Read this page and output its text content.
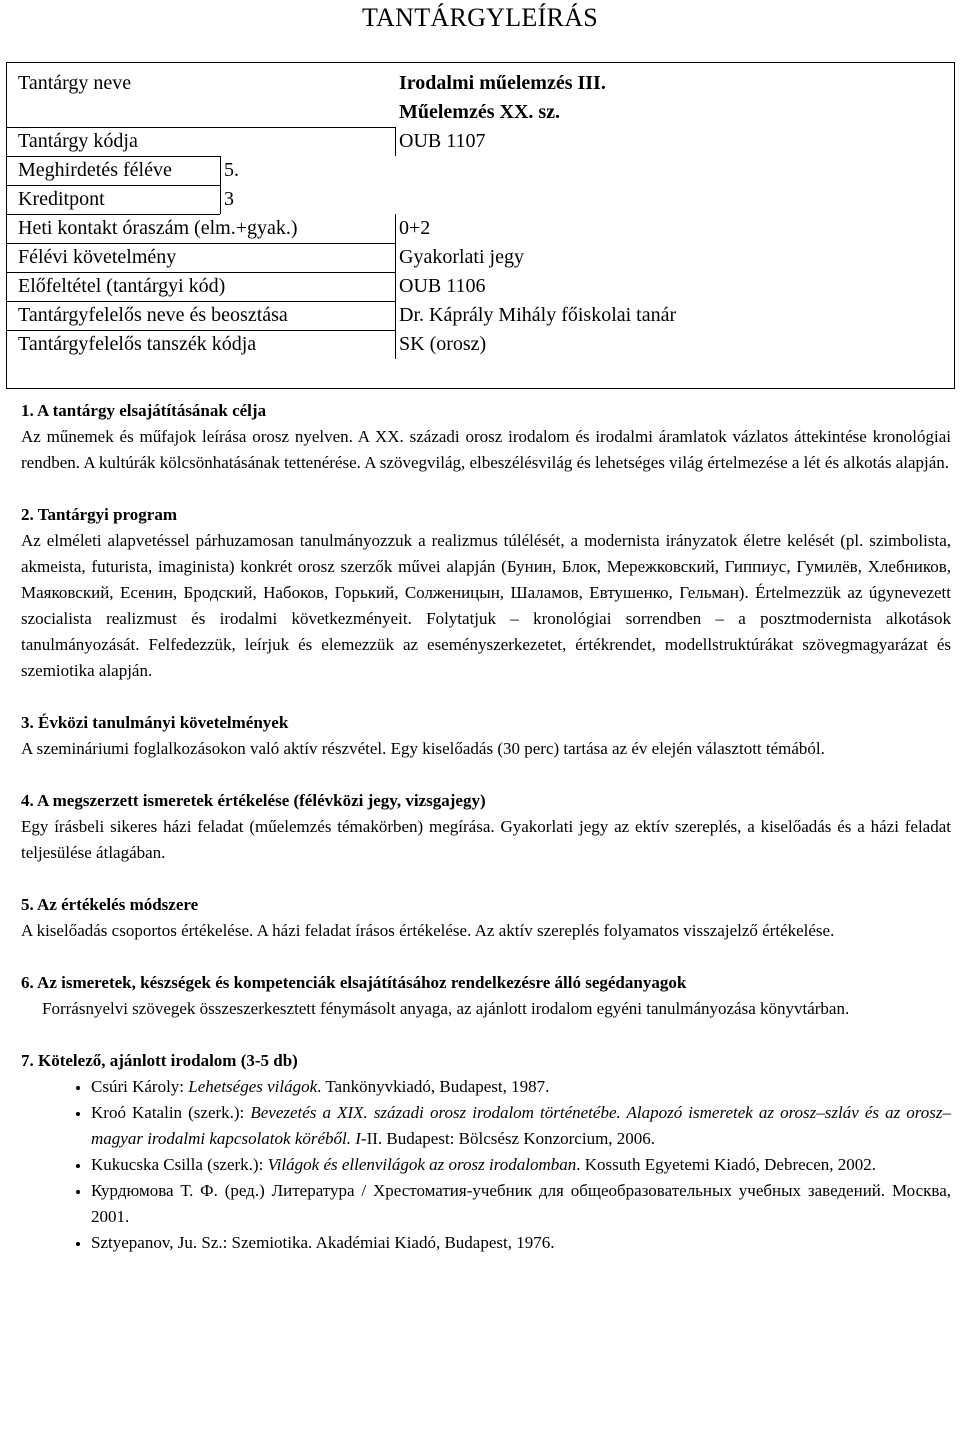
TANTÁRGYLEÍRÁS
Tantárgy neve	Irodalmi műelemzés III.
Műelemzés XX. sz.
Tantárgy kódja	OUB 1107
Meghirdetés féléve	5.
Kreditpont	3
Heti kontakt óraszám (elm.+gyak.)	0+2
Félévi követelmény	Gyakorlati jegy
Előfeltétel (tantárgyi kód)	OUB 1106
Tantárgyfelelős neve és beosztása	Dr. Káprály Mihály főiskolai tanár
Tantárgyfelelős tanszék kódja	SK (orosz)
1. A tantárgy elsajátításának célja

Az műnemek és műfajok leírása orosz nyelven. A XX. századi orosz irodalom és irodalmi áramlatok vázlatos áttekintése kronológiai rendben. A kultúrák kölcsönhatásának tettenérése. A szövegvilág, elbeszélésvilág és lehetséges világ értelmezése a lét és alkotás alapján.

2. Tantárgyi program

Az elméleti alapvetéssel párhuzamosan tanulmányozzuk a realizmus túlélését, a modernista irányzatok életre kelését (pl. szimbolista, akmeista, futurista, imaginista) konkrét orosz szerzők művei alapján (Бунин, Блок, Мережковский, Гиппиус, Гумилёв, Хлебников, Маяковский, Есенин, Бродский, Набоков, Горький, Солженицын, Шаламов, Евтушенко, Гельман). Értelmezzük az úgynevezett szocialista realizmust és irodalmi következményeit. Folytatjuk – kronológiai sorrendben – a posztmodernista alkotások tanulmányozását. Felfedezzük, leírjuk és elemezzük az eseményszerkezetet, értékrendet, modellstruktúrákat szövegmagyarázat és szemiotika alapján.

3. Évközi tanulmányi követelmények

A szemináriumi foglalkozásokon való aktív részvétel. Egy kiselőadás (30 perc) tartása az év elején választott témából.

4. A megszerzett ismeretek értékelése (félévközi jegy, vizsgajegy)

Egy írásbeli sikeres házi feladat (műelemzés témakörben) megírása. Gyakorlati jegy az ektív szereplés, a kiselőadás és a házi feladat teljesülése átlagában.

5. Az értékelés módszere

A kiselőadás csoportos értékelése. A házi feladat írásos értékelése. Az aktív szereplés folyamatos visszajelző értékelése.

6. Az ismeretek, készségek és kompetenciák elsajátításához rendelkezésre álló segédanyagok

Forrásnyelvi szövegek összeszerkesztett fénymásolt anyaga, az ajánlott irodalom egyéni tanulmányozása könyvtárban.

7. Kötelező, ajánlott irodalom (3-5 db)
• Csúri Károly: Lehetséges világok. Tankönyvkiadó, Budapest, 1987.
• Kroó Katalin (szerk.): Bevezetés a XIX. századi orosz irodalom történetébe. Alapozó ismeretek az orosz–szláv és az orosz–magyar irodalmi kapcsolatok köréből. I-II. Budapest: Bölcsész Konzorcium, 2006.
• Kukucska Csilla (szerk.): Világok és ellenvilágok az orosz irodalomban. Kossuth Egyetemi Kiadó, Debrecen, 2002.
• Курдюмова Т. Ф. (ред.) Литература / Хрестоматия-учебник для общеобразовательных учебных заведений. Москва, 2001.
• Sztyepanov, Ju. Sz.: Szemiotika. Akadémiai Kiadó, Budapest, 1976.
